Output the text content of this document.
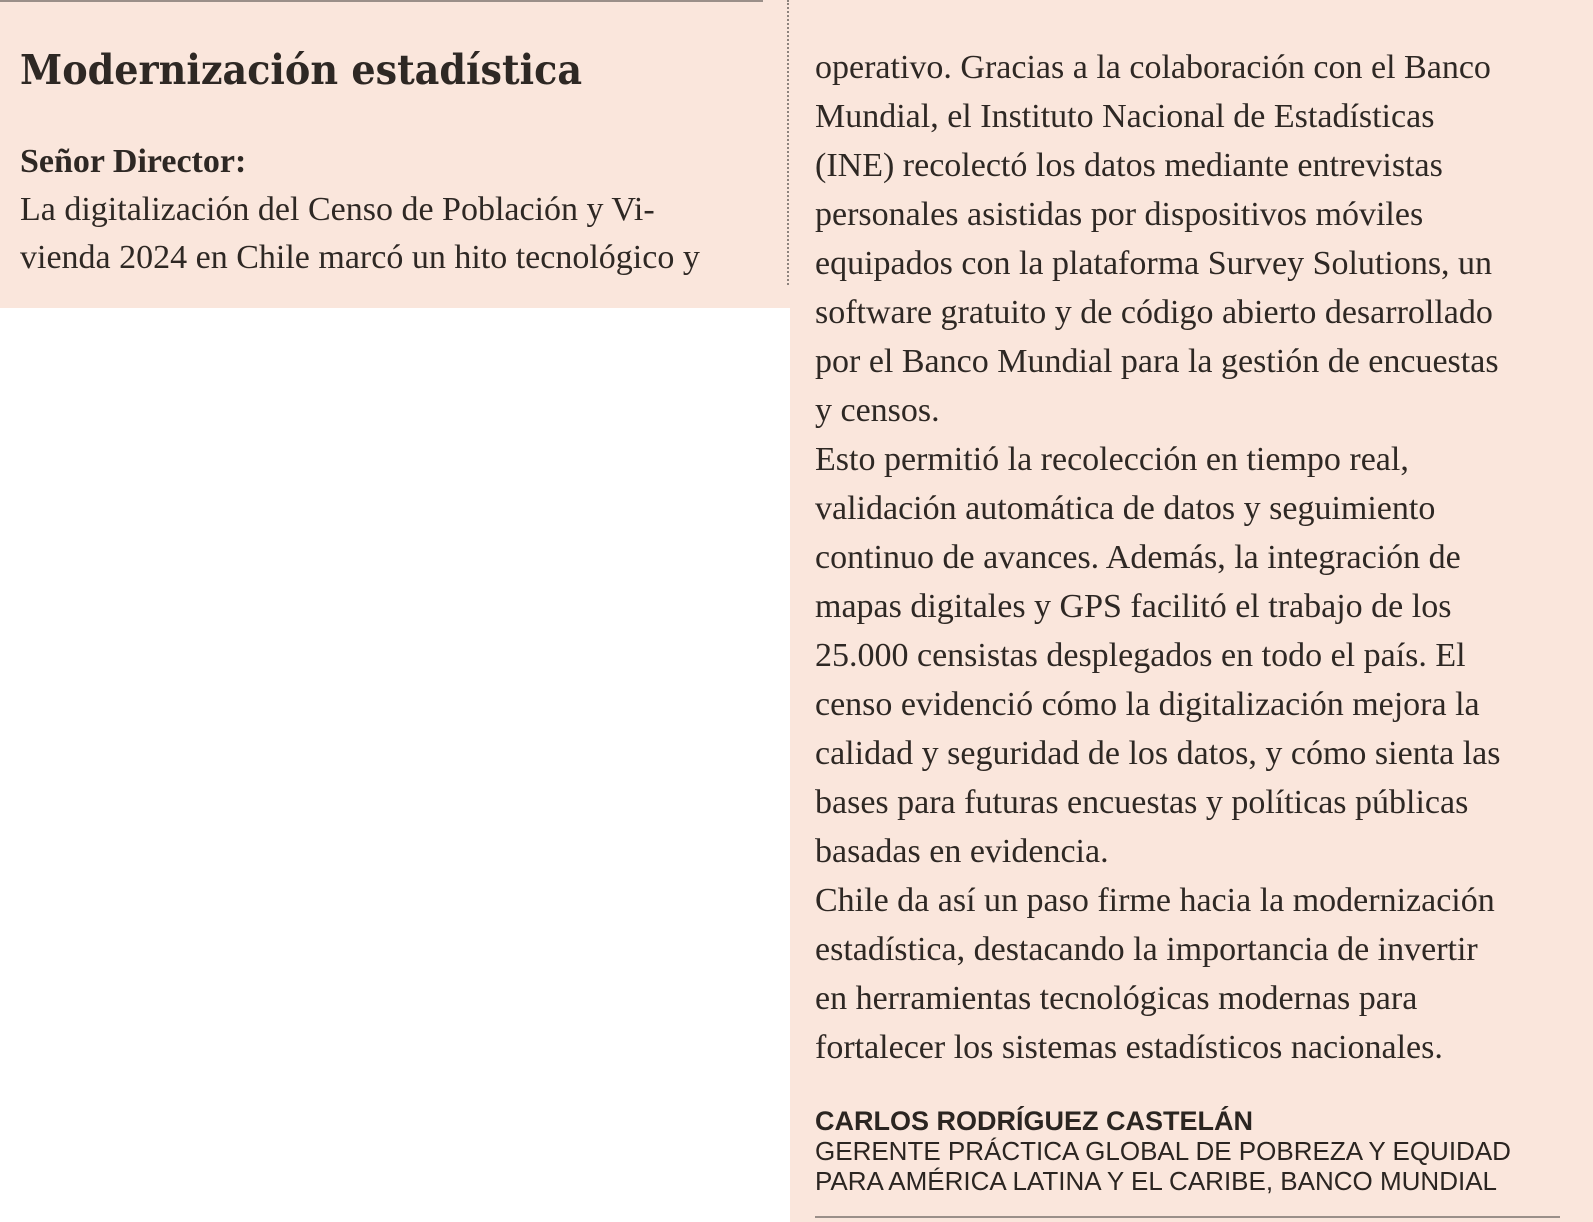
Modernización estadística

Señor Director:

La digitalización del Censo de Población y Vi-

vienda 2024 en Chile marcó un hito tecnológico y

operativo. Gracias a la colaboración con el Banco

Mundial, el Instituto Nacional de Estadísticas

(INE) recolectó los datos mediante entrevistas

personales asistidas por dispositivos móviles

equipados con la plataforma Survey Solutions, un

software gratuito y de código abierto desarrollado

por el Banco Mundial para la gestión de encuestas

y censos.

Esto permitió la recolección en tiempo real,

validación automática de datos y seguimiento

continuo de avances. Además, la integración de

mapas digitales y GPS facilitó el trabajo de los

25.000 censistas desplegados en todo el país. El

censo evidenció cómo la digitalización mejora la

calidad y seguridad de los datos, y cómo sienta las

bases para futuras encuestas y políticas públicas

basadas en evidencia.

Chile da así un paso firme hacia la modernización

estadística, destacando la importancia de invertir

en herramientas tecnológicas modernas para

fortalecer los sistemas estadísticos nacionales.

CARLOS RODRÍGUEZ CASTELÁN

GERENTE PRÁCTICA GLOBAL DE POBREZA Y EQUIDAD

PARA AMÉRICA LATINA Y EL CARIBE, BANCO MUNDIAL
